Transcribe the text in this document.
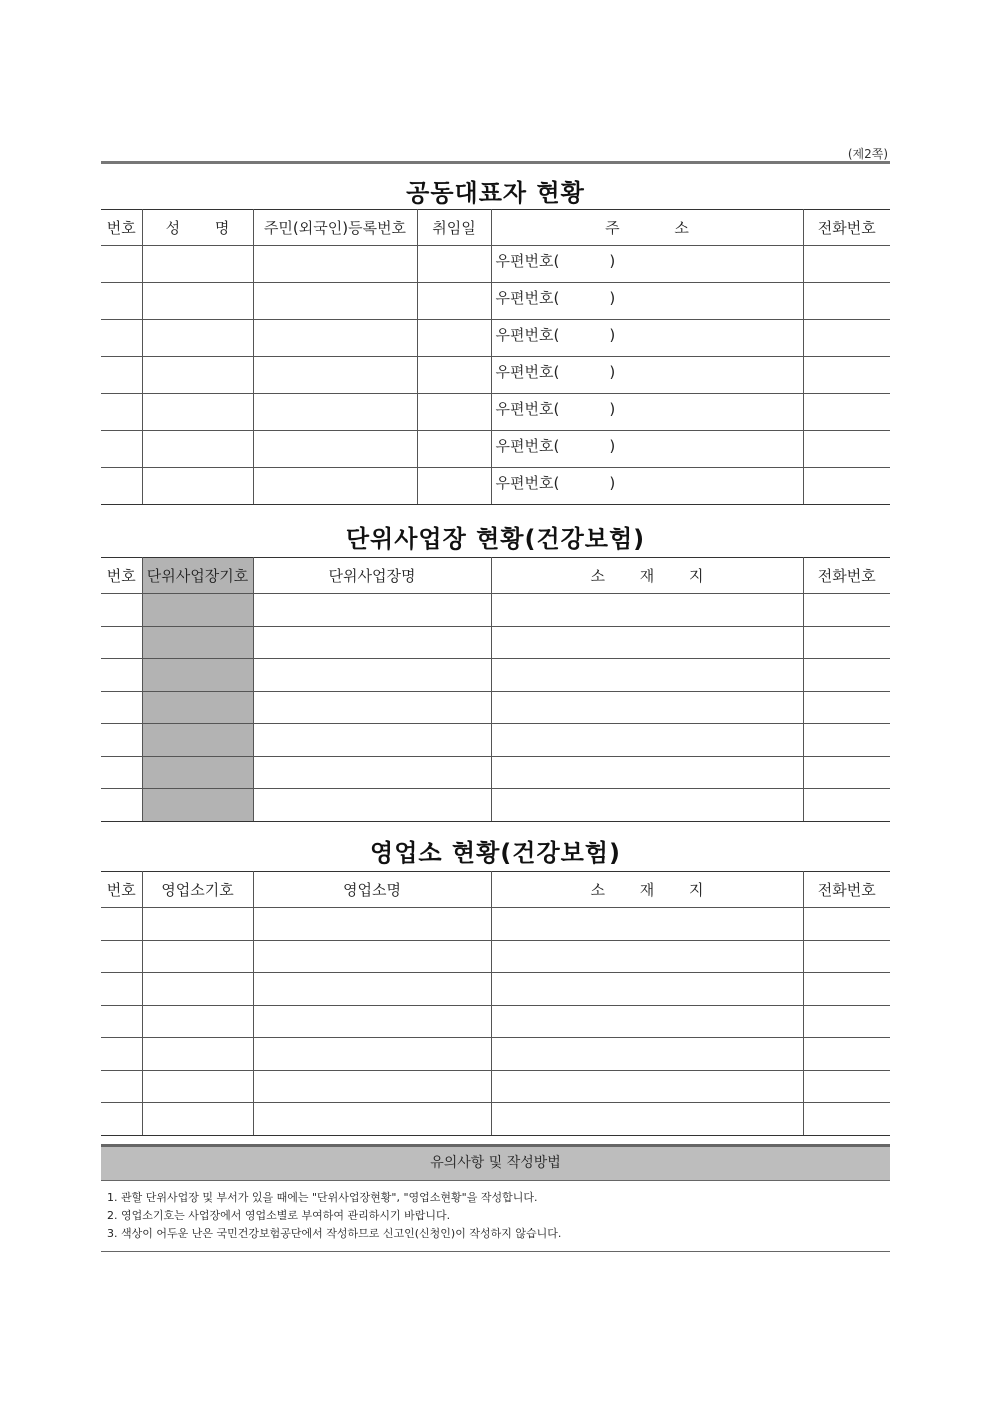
(제2쪽)
공동대표자 현황
번호	성 명	주민(외국인)등록번호	취임일	주 소	전화번호
				우편번호( )	
				우편번호( )	
				우편번호( )	
				우편번호( )	
				우편번호( )	
				우편번호( )	
				우편번호( )	
단위사업장 현황(건강보험)
번호	단위사업장기호	단위사업장명	소 재 지	전화번호

영업소 현황(건강보험)
번호	영업소기호	영업소명	소 재 지	전화번호

유의사항 및 작성방법
1. 관할 단위사업장 및 부서가 있을 때에는 "단위사업장현황", "영업소현황"을 작성합니다.
2. 영업소기호는 사업장에서 영업소별로 부여하여 관리하시기 바랍니다.
3. 색상이 어두운 난은 국민건강보험공단에서 작성하므로 신고인(신청인)이 작성하지 않습니다.
